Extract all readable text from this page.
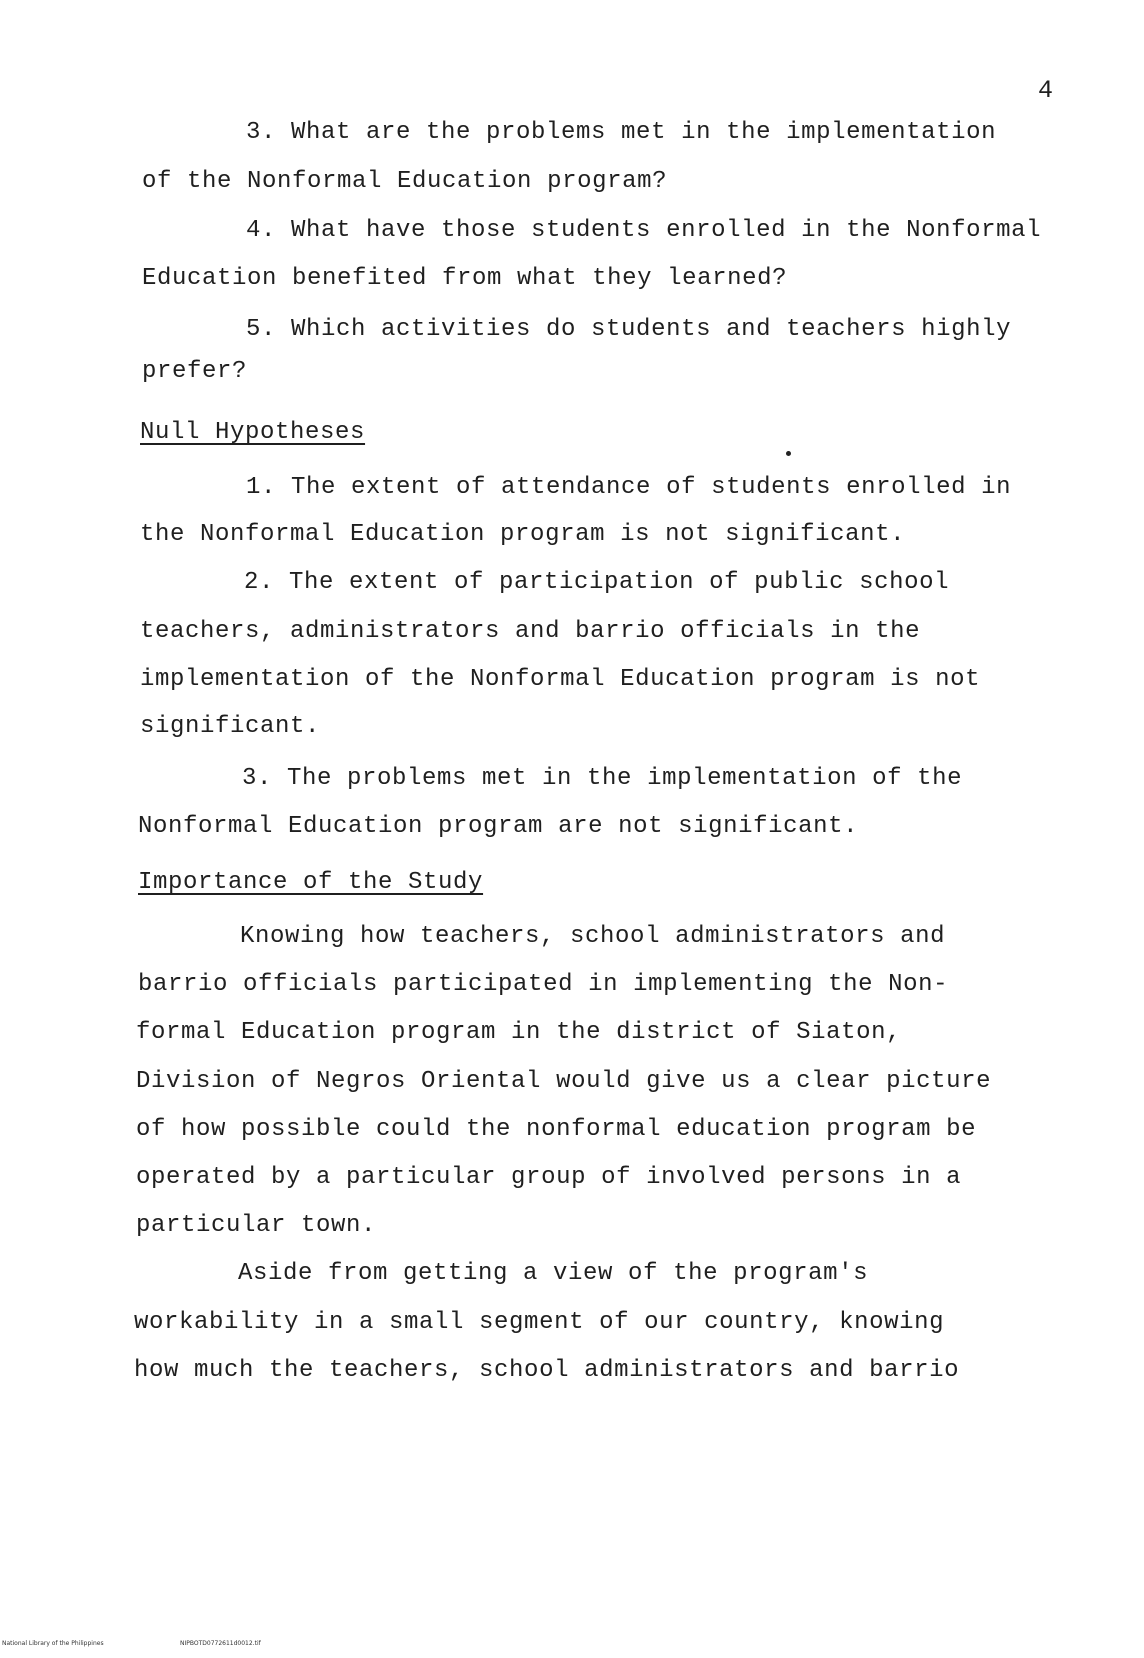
4
3. What are the problems met in the implementation
of the Nonformal Education program?
4. What have those students enrolled in the Nonformal
Education benefited from what they learned?
5. Which activities do students and teachers highly
prefer?
Null Hypotheses
1. The extent of attendance of students enrolled in
the Nonformal Education program is not significant.
2. The extent of participation of public school
teachers, administrators and barrio officials in the
implementation of the Nonformal Education program is not
significant.
3. The problems met in the implementation of the
Nonformal Education program are not significant.
Importance of the Study
Knowing how teachers, school administrators and
barrio officials participated in implementing the Non-
formal Education program in the district of Siaton,
Division of Negros Oriental would give us a clear picture
of how possible could the nonformal education program be
operated by a particular group of involved persons in a
particular town.
Aside from getting a view of the program's
workability in a small segment of our country, knowing
how much the teachers, school administrators and barrio
National Library of the Philippines	NIPBOTD0772611d0012.tif
